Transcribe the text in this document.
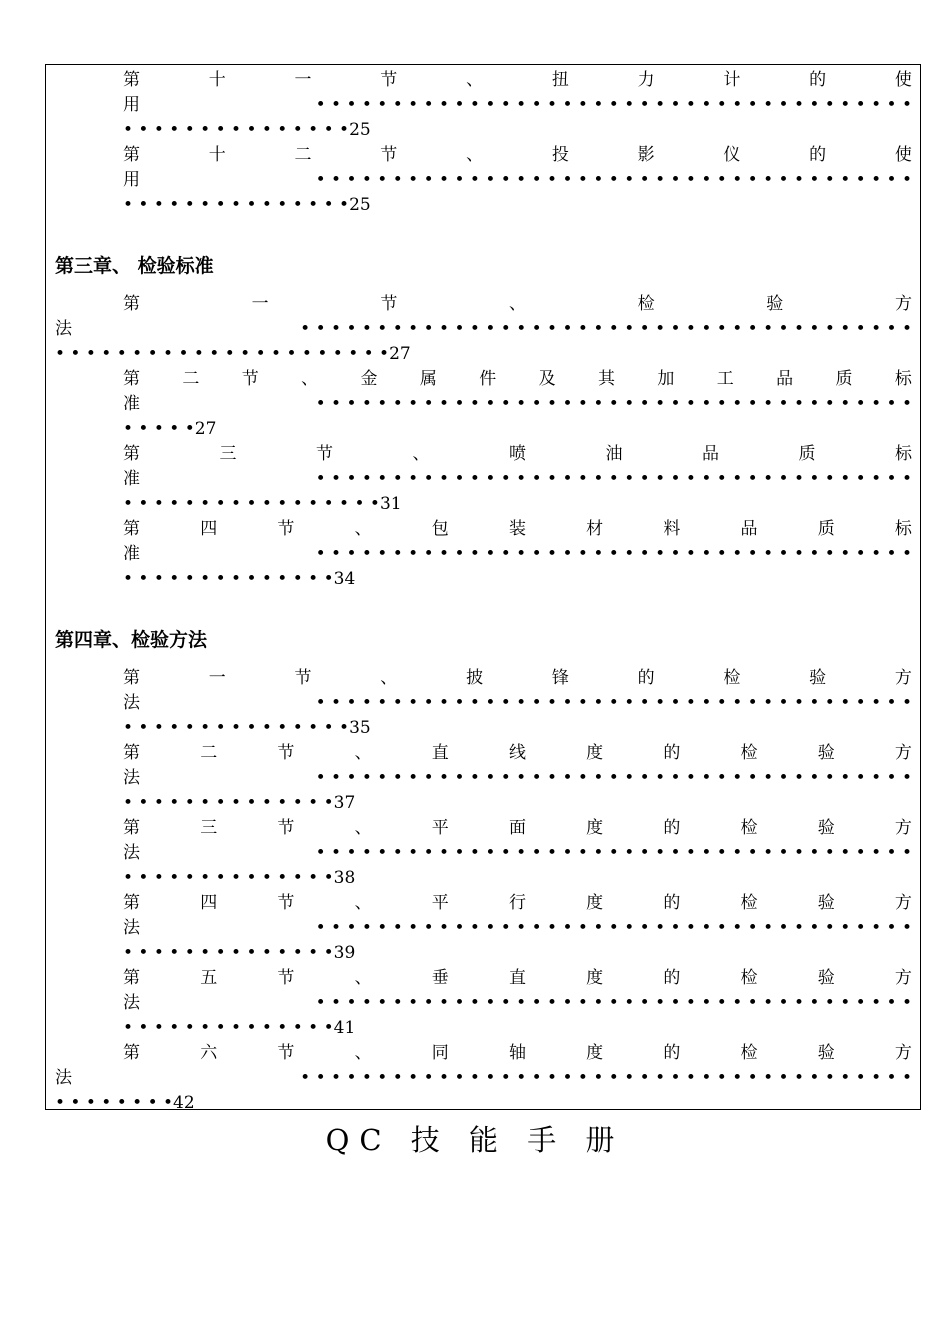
第	十	一	节	、	扭	力	计	的	使
用	• • • • • • • • • • • • • • • • • • • • • • • • • • • • • • • • • • • • • • •
• • • • • • • • • • • • • • •25
第	十	二	节	、	投	影	仪	的	使
用	• • • • • • • • • • • • • • • • • • • • • • • • • • • • • • • • • • • • • • •
• • • • • • • • • • • • • • •25
第三章、 检验标准
第	一	节	、	检	验	方
法	• • • • • • • • • • • • • • • • • • • • • • • • • • • • • • • • • • • • • • • •
• • • • • • • • • • • • • • • • • • • • • •27
第 二 节 、 金 属 件 及 其 加 工 品 质 标
准	• • • • • • • • • • • • • • • • • • • • • • • • • • • • • • • • • • • • • • •
• • • • •27
第	三	节	、	喷	油	品	质	标
准	• • • • • • • • • • • • • • • • • • • • • • • • • • • • • • • • • • • • • • •
• • • • • • • • • • • • • • • • •31
第	四	节	、	包	装	材	料	品	质	标
准	• • • • • • • • • • • • • • • • • • • • • • • • • • • • • • • • • • • • • • •
• • • • • • • • • • • • • •34
第四章、检验方法
第	一	节	、	披	锋	的	检	验	方
法	• • • • • • • • • • • • • • • • • • • • • • • • • • • • • • • • • • • • • • •
• • • • • • • • • • • • • • •35
第	二	节	、	直	线	度	的	检	验	方
法	• • • • • • • • • • • • • • • • • • • • • • • • • • • • • • • • • • • • • • •
• • • • • • • • • • • • • •37
第	三	节	、	平	面	度	的	检	验	方
法	• • • • • • • • • • • • • • • • • • • • • • • • • • • • • • • • • • • • • • •
• • • • • • • • • • • • • •38
第	四	节	、	平	行	度	的	检	验	方
法	• • • • • • • • • • • • • • • • • • • • • • • • • • • • • • • • • • • • • • •
• • • • • • • • • • • • • •39
第	五	节	、	垂	直	度	的	检	验	方
法	• • • • • • • • • • • • • • • • • • • • • • • • • • • • • • • • • • • • • • •
• • • • • • • • • • • • • •41
第	六	节	、	同	轴	度	的	检	验	方
法	• • • • • • • • • • • • • • • • • • • • • • • • • • • • • • • • • • • • • • • •
• • • • • • • •42
QC 技 能 手 册
